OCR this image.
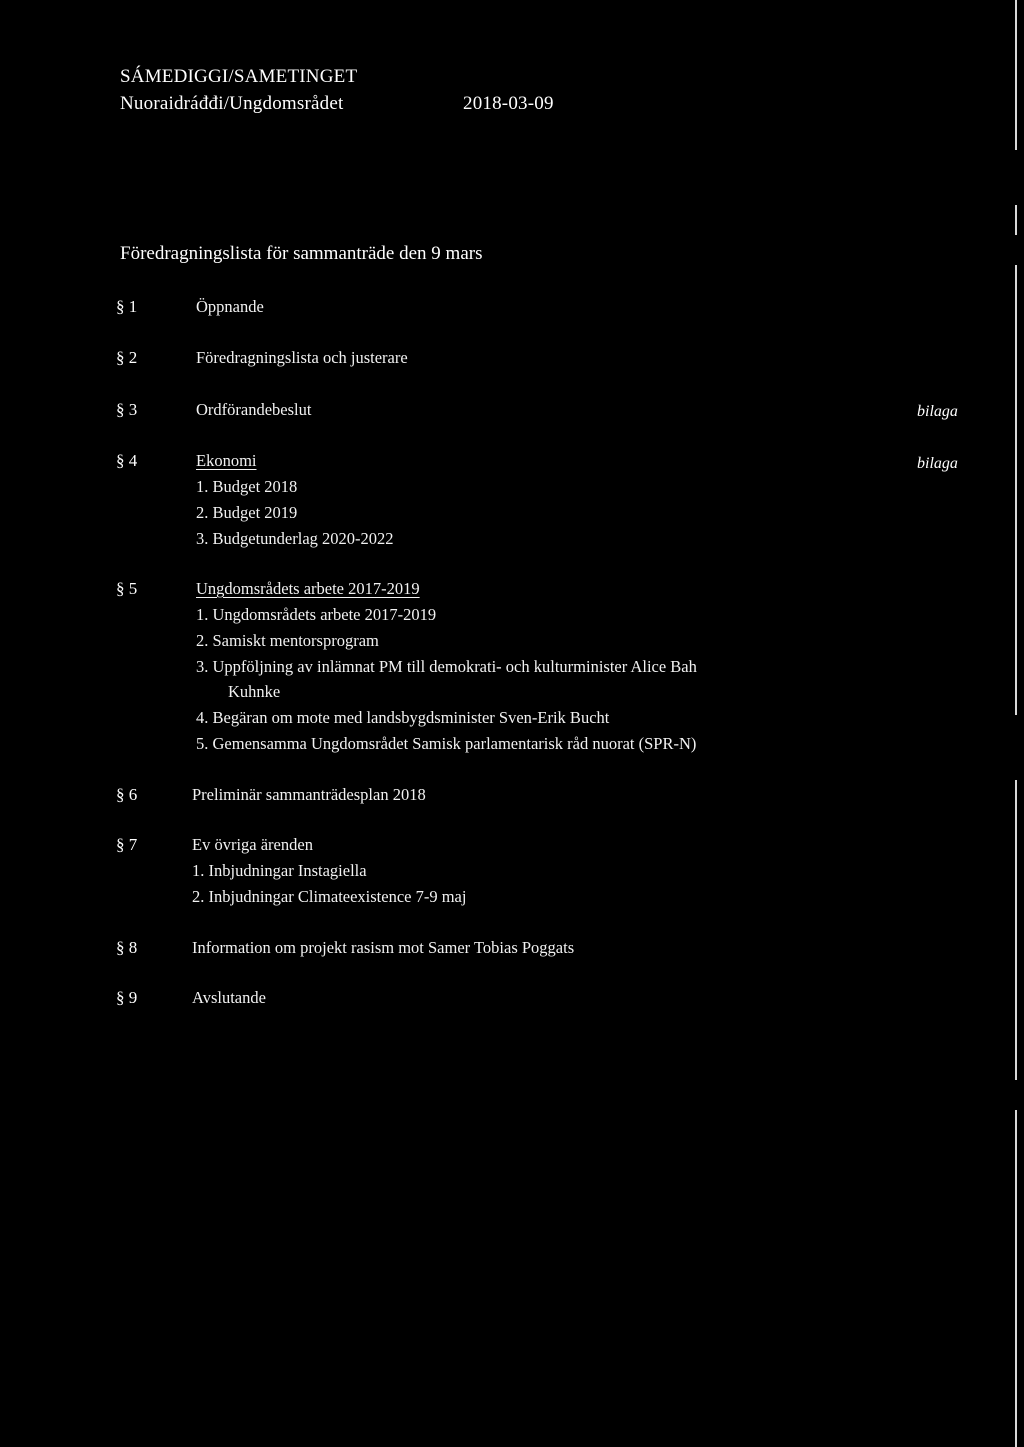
SÁMEDIGGI/SAMETINGET
Nuoraidráđđi/Ungdomsrådet	2018-03-09
Föredragningslista för sammanträde den 9 mars
§ 1	Öppnande
§ 2	Föredragningslista och justerare
§ 3	Ordförandebeslut	bilaga
§ 4	Ekonomi	bilaga
1. Budget 2018
2. Budget 2019
3. Budgetunderlag 2020-2022
§ 5	Ungdomsrådets arbete 2017-2019
1. Ungdomsrådets arbete 2017-2019
2. Samiskt mentorsprogram
3. Uppföljning av inlämnat PM till demokrati- och kulturminister Alice Bah
Kuhnke
4. Begäran om mote med landsbygdsminister Sven-Erik Bucht
5. Gemensamma Ungdomsrådet Samisk parlamentarisk råd nuorat (SPR-N)
§ 6	Preliminär sammanträdesplan 2018
§ 7	Ev övriga ärenden
1. Inbjudningar Instagiella
2. Inbjudningar Climateexistence 7-9 maj
§ 8	Information om projekt rasism mot Samer Tobias Poggats
§ 9	Avslutande
